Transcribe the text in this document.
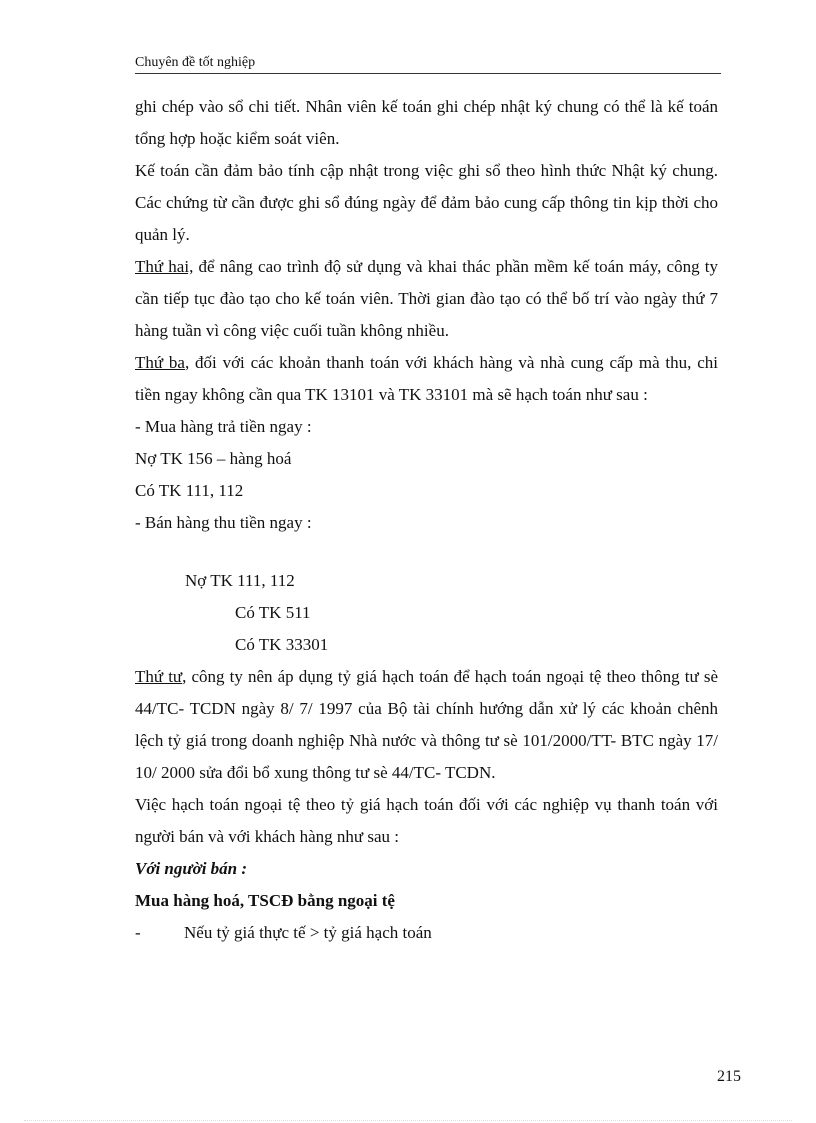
Chuyên đề tốt nghiệp

ghi chép vào sổ chi tiết. Nhân viên kế toán ghi chép nhật ký chung có thể là kế toán tổng hợp hoặc kiểm soát viên.

Kế toán cần đảm bảo tính cập nhật trong việc ghi sổ theo hình thức Nhật ký chung. Các chứng từ cần được ghi sổ đúng ngày để đảm bảo cung cấp thông tin kịp thời cho quản lý.

Thứ hai, để nâng cao trình độ sử dụng và khai thác phần mềm kế toán máy, công ty cần tiếp tục đào tạo cho kế toán viên. Thời gian đào tạo có thể bố trí vào ngày thứ 7 hàng tuần vì công việc cuối tuần không nhiều.

Thứ ba, đối với các khoản thanh toán với khách hàng và nhà cung cấp mà thu, chi tiền ngay không cần qua TK 13101 và TK 33101 mà sẽ hạch toán như sau :

- Mua hàng trả tiền ngay :

Nợ TK 156 – hàng hoá

Có TK 111, 112

- Bán hàng thu tiền ngay :

Nợ TK 111, 112

Có TK 511

Có TK 33301

Thứ tư, công ty nên áp dụng tỷ giá hạch toán để hạch toán ngoại tệ theo thông tư sè 44/TC- TCDN ngày 8/ 7/ 1997 của Bộ tài chính hướng dẫn xử lý các khoản chênh lệch tỷ giá trong doanh nghiệp Nhà nước và thông tư sè 101/2000/TT- BTC ngày 17/ 10/ 2000 sửa đổi bổ xung thông tư sè 44/TC- TCDN.

Việc hạch toán ngoại tệ theo tỷ giá hạch toán đối với các nghiệp vụ thanh toán với người bán và với khách hàng như sau :

Với người bán :

Mua hàng hoá, TSCĐ bằng ngoại tệ

-	Nếu tỷ giá thực tế > tỷ giá hạch toán
215
